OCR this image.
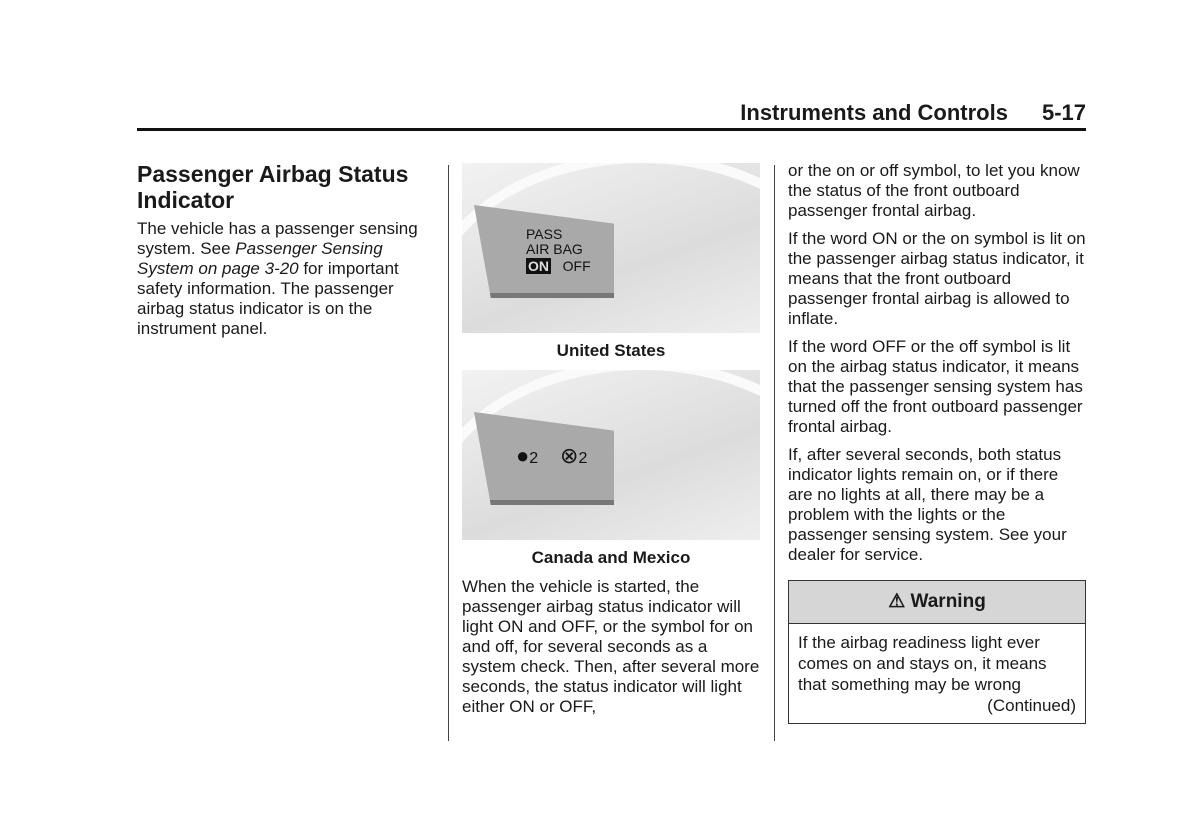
Instruments and Controls 5-17
Passenger Airbag Status Indicator

The vehicle has a passenger sensing system. See Passenger Sensing System on page 3-20 for important safety information. The passenger airbag status indicator is on the instrument panel.

PASS
AIR BAG
ON OFF
United States
●2 ⊗2
Canada and Mexico

When the vehicle is started, the passenger airbag status indicator will light ON and OFF, or the symbol for on and off, for several seconds as a system check. Then, after several more seconds, the status indicator will light either ON or OFF,

or the on or off symbol, to let you know the status of the front outboard passenger frontal airbag.

If the word ON or the on symbol is lit on the passenger airbag status indicator, it means that the front outboard passenger frontal airbag is allowed to inflate.

If the word OFF or the off symbol is lit on the airbag status indicator, it means that the passenger sensing system has turned off the front outboard passenger frontal airbag.

If, after several seconds, both status indicator lights remain on, or if there are no lights at all, there may be a problem with the lights or the passenger sensing system. See your dealer for service.

⚠ Warning
If the airbag readiness light ever comes on and stays on, it means that something may be wrong
(Continued)
